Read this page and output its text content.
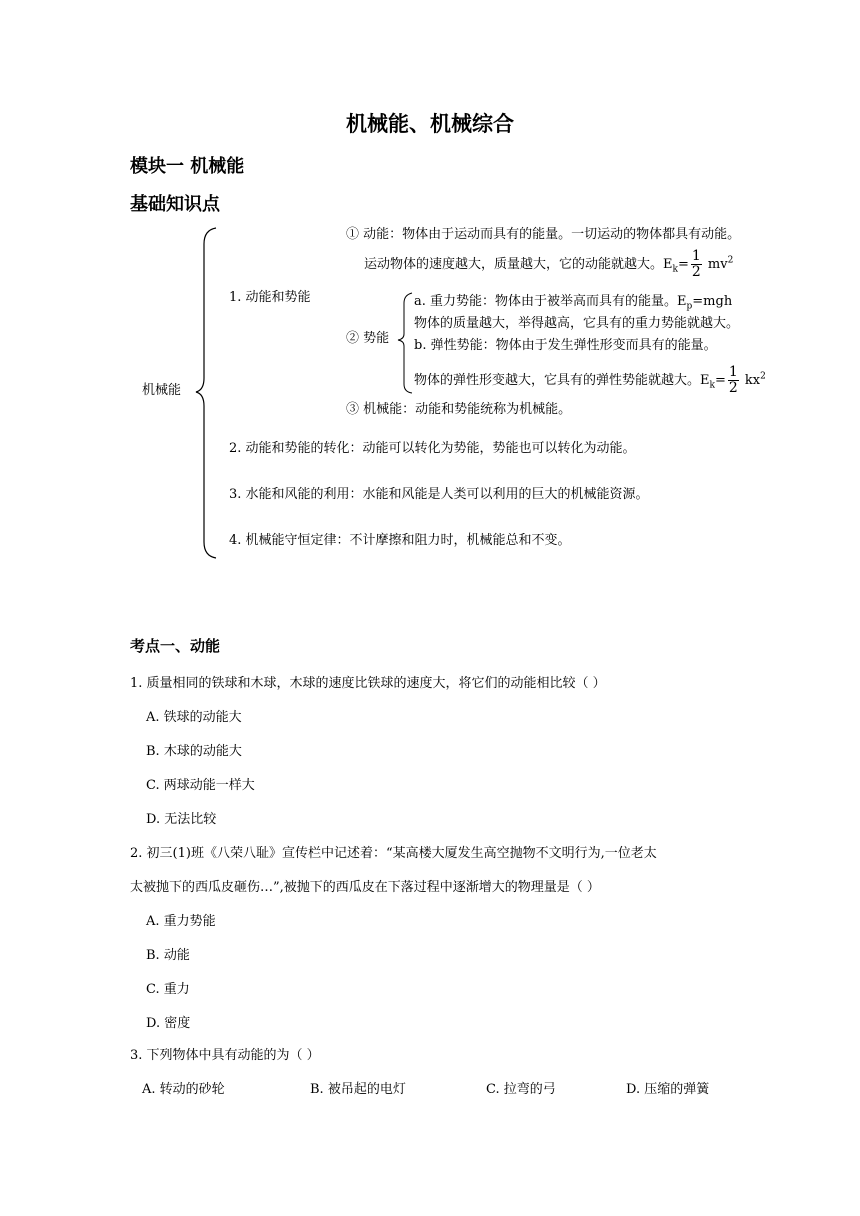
机械能、机械综合
模块一 机械能
基础知识点
机械能
1. 动能和势能
① 动能：物体由于运动而具有的能量。一切运动的物体都具有动能。
运动物体的速度越大，质量越大，它的动能就越大。$E_k= \frac{1}{2} mv^2$
② 势能
a. 重力势能：物体由于被举高而具有的能量。$E_p=mgh$
物体的质量越大，举得越高，它具有的重力势能就越大。
b. 弹性势能：物体由于发生弹性形变而具有的能量。
物体的弹性形变越大，它具有的弹性势能就越大。$E_k= \frac{1}{2} kx^2$
③ 机械能：动能和势能统称为机械能。
2. 动能和势能的转化：动能可以转化为势能，势能也可以转化为动能。
3. 水能和风能的利用：水能和风能是人类可以利用的巨大的机械能资源。
4. 机械能守恒定律：不计摩擦和阻力时，机械能总和不变。
考点一、动能
1. 质量相同的铁球和木球，木球的速度比铁球的速度大，将它们的动能相比较（ ）
A. 铁球的动能大
B. 木球的动能大
C. 两球动能一样大
D. 无法比较
2. 初三(1)班《八荣八耻》宣传栏中记述着：“某高楼大厦发生高空抛物不文明行为,一位老太
太被抛下的西瓜皮砸伤…”,被抛下的西瓜皮在下落过程中逐渐增大的物理量是（ ）
A. 重力势能
B. 动能
C. 重力
D. 密度
3. 下列物体中具有动能的为（ ）
A. 转动的砂轮	B. 被吊起的电灯	C. 拉弯的弓	D. 压缩的弹簧
